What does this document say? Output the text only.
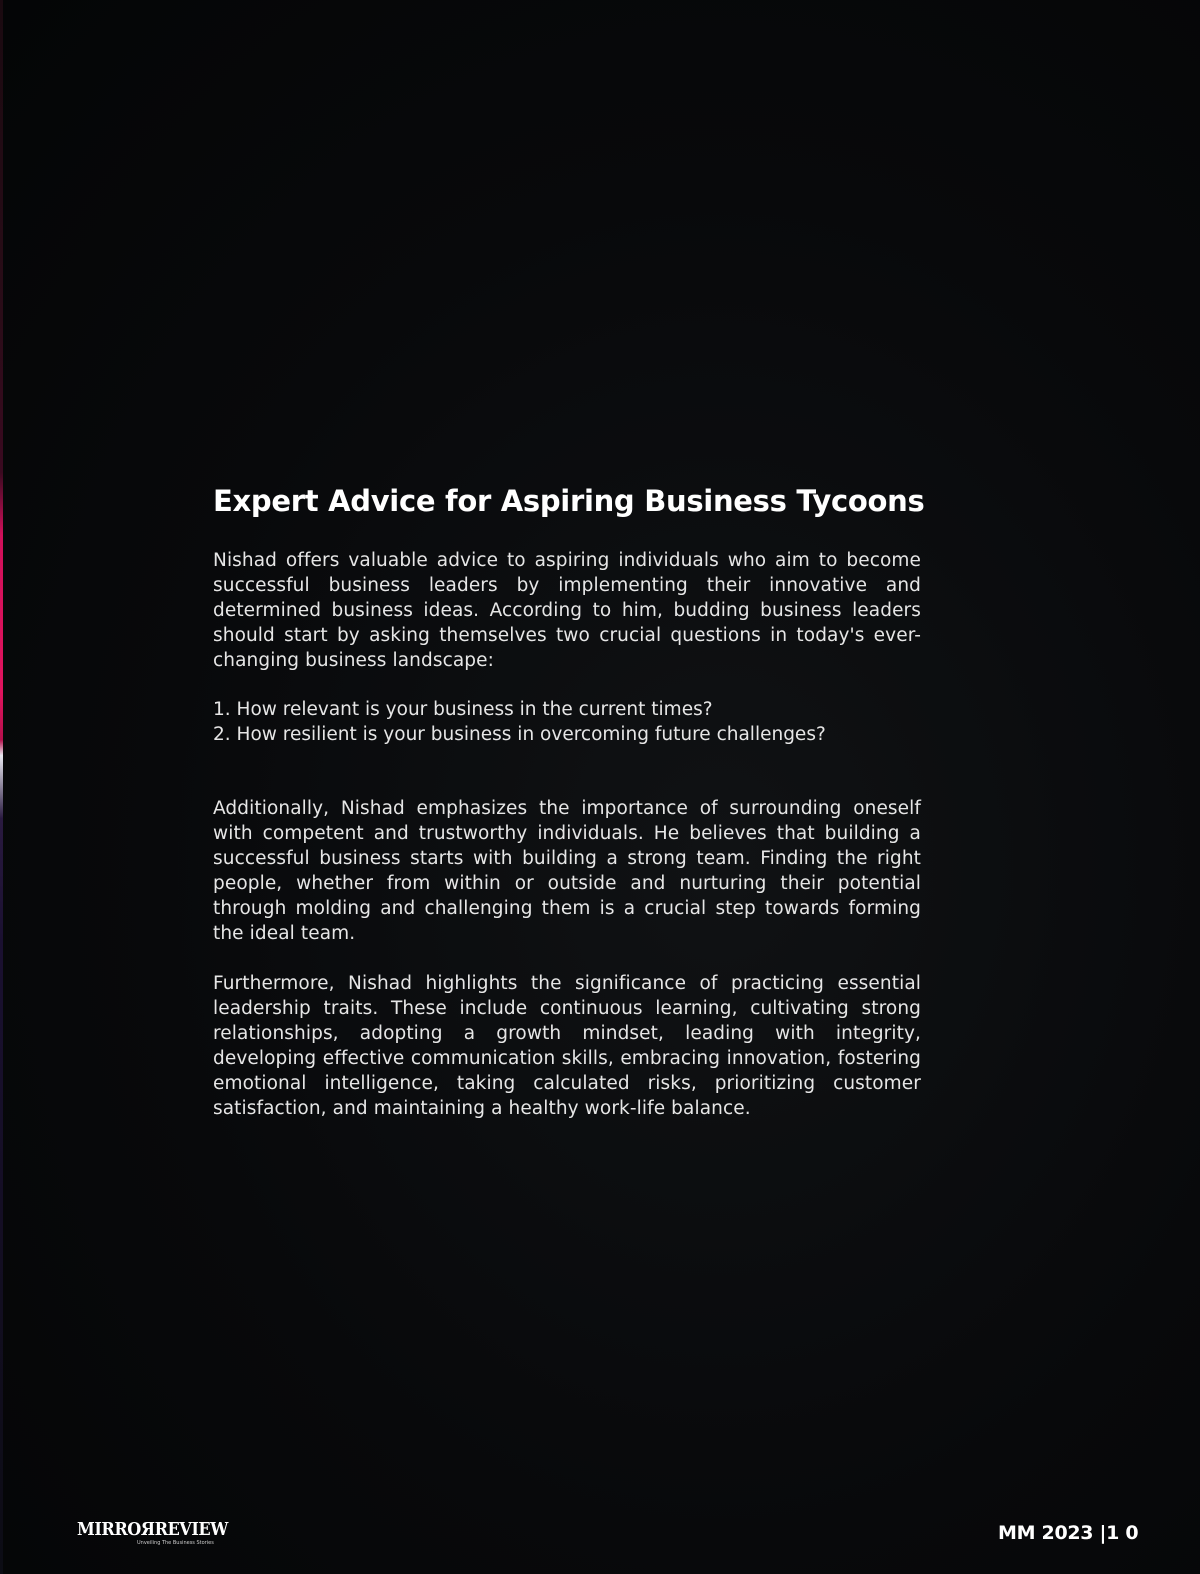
Expert Advice for Aspiring Business Tycoons

Nishad offers valuable advice to aspiring individuals who aim to become successful business leaders by implementing their innovative and determined business ideas. According to him, budding business leaders should start by asking themselves two crucial questions in today's ever-changing business landscape:

1. How relevant is your business in the current times?
2. How resilient is your business in overcoming future challenges?

Additionally, Nishad emphasizes the importance of surrounding oneself with competent and trustworthy individuals. He believes that building a successful business starts with building a strong team. Finding the right people, whether from within or outside and nurturing their potential through molding and challenging them is a crucial step towards forming the ideal team.

Furthermore, Nishad highlights the significance of practicing essential leadership traits. These include continuous learning, cultivating strong relationships, adopting a growth mindset, leading with integrity, developing effective communication skills, embracing innovation, fostering emotional intelligence, taking calculated risks, prioritizing customer satisfaction, and maintaining a healthy work-life balance.

MIRROЯREVIEW
Unveiling The Business Stories	MM 2023 |1 0
